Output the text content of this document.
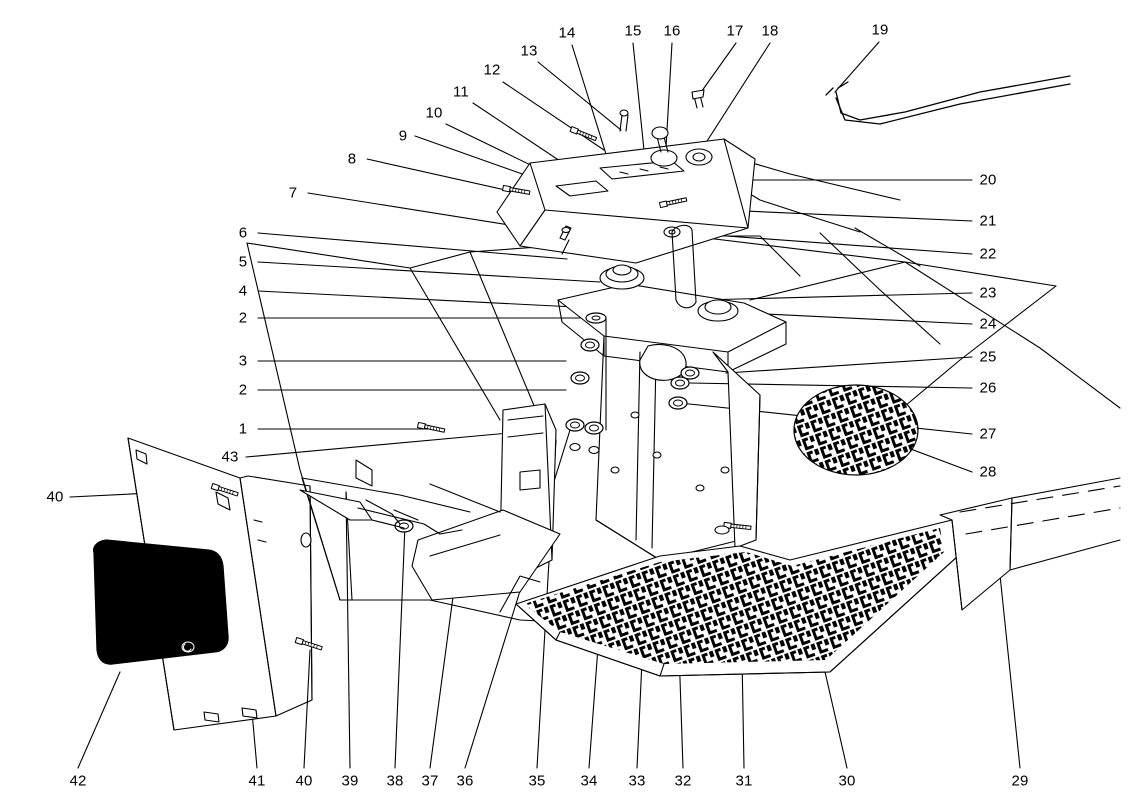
1
2
3
2
4
5
6
7
8
9
10
11
12
13
14	15 16	17 18	19
20
21
22
23
24
25
26
27
28
29
30
31
32
33
34
35
36
37
38
39
40
41
42
40
43
